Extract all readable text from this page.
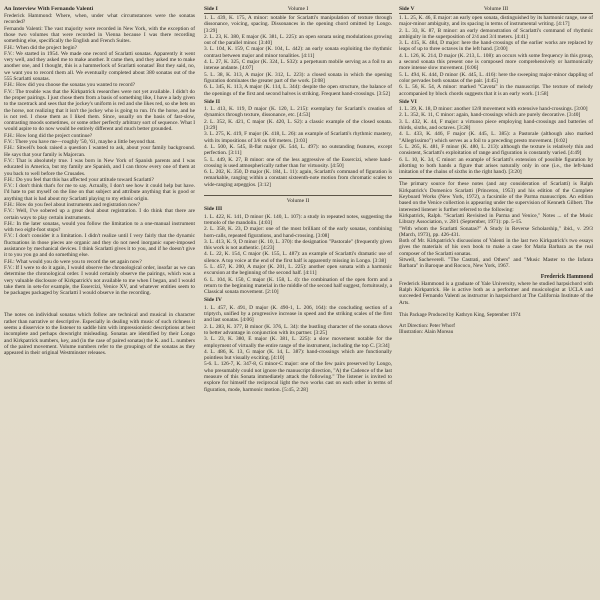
An Interview With Fernando Valenti

Frederick Hammond: Where, when, under what circumstances were the sonatas recorded?

Fernando Valenti: The vast majority were recorded in New York, with the exception of those two volumes that were recorded in Vienna because I was there recording something else, specifically the English and French Suites.

F.H.: When did the project begin?

F.V.: We started in 1954. We made one record of Scarlatti sonatas. Apparently it went very well, and they asked me to make another. It came then, and they asked me to make another one, and I thought, this is a hammerlock of Scarlatti sonatas! But they said, no, we want you to record them all. We eventually completed about 380 sonatas out of the 555 Scarlatti sonatas.

F.H.: How did you choose the sonatas you wanted to record?

F.V.: The trouble was that the Kirkpatrick researches were not yet available. I didn't do the proper pairings. I just chose them from a basis of something like, I have a lady given to the racetrack and sees that the jockey's uniform is red and she likes red, so she bets on the horse, not realizing that it isn't the jockey who is going to run. It's the horse, and he is not red. I chose them as I liked them. Since, usually on the basis of fast-slow, contrasting moods sometimes, or some other perfectly arbitrary sort of sequence. What I would aspire to do now would be entirely different and much better grounded.

F.H.: How long did the project continue?

F.V.: There you have me—roughly '50, '61, maybe a little beyond that.

F.H.: Sitwell's book raised a question I wanted to ask, about your family background. He says that your family is Majorcan.

F.V.: That is absolutely true. I was born in New York of Spanish parents and I was educated in America, but my family are Spanish, and I can throw every one of them at you back to well before the Crusades.

F.H.: Do you feel that this has affected your attitude toward Scarlatti?

F.V.: I don't think that's for me to say. Actually, I don't see how it could help but have. I'd hate to put myself on the line on that subject and attribute anything that is good or anything that is bad about my Scarlatti playing to my ethnic origin.

F.H.: How do you feel about instruments and registration now?

F.V.: Well, I've sobered up a great deal about registration. I do think that there are certain ways to play certain instruments.

F.H.: In the later sonatas, would you follow the limitation to a one-manual instrument with two eight-foot stops?

F.V.: I don't consider it a limitation. I didn't realize until I very fairly that the dynamic fluctuations in those pieces are organic and they do not need inorganic super-imposed assistance by mechanical devices. I think Scarlatti gives it to you, and if he doesn't give it to you you go and do something else.

F.H.: What would you do were you to record the set again now?

F.V.: If I were to do it again, I would observe the chronological order, insofar as we can determine the chronological order. I would certainly observe the pairings, which was a very valuable disclosure of Kirkpatrick's not available to me when I began, and I would take them in sets-for example, the Essercizi, Venice XV, and whatever entities seem to be packages packaged by Scarlatti I would observe in the recording.

The notes on individual sonatas which follow are technical and musical in character rather than narrative or descriptive. Especially in dealing with music of such richness it seems a disservice to the listener to saddle him with impressionistic descriptions at best incomplete and perhaps downright misleading. Sonatas are identified by their Longo and Kirkpatrick numbers, key, and (in the case of paired sonatas) the K. and L. numbers of the paired movement. Volume numbers refer to the groupings of the sonatas as they appeared in their original Westminster releases.

Side I	Volume I

1. L. 439, K. 175, A minor: notable for Scarlatti's manipulation of texture through dissonance, voicing, spacing. Dissonances in the opening chord omitted by Longo. [3:29]

2. L. 23, K. 380, E major (K. 381, L. 225): an open sonata using modulations growing out of the parallel minor. [3:40]

3. L. 104, K. 159, C major (K. 104, L. 442): an early sonata exploiting the rhythmic contrast between major and minor tonalities. [4:11]

4. L. 27, K. 325, C major (K. 324, L. S32): a perpetuum mobile serving as a foil to an intense andante. [4:07]

5. L. 38, K. 313, A major (K. 312, L. 223): a closed sonata in which the opening figuration dominates the greater part of the work. [3:08]

6. L. 345, K. 113, A major (K. 114, L. 344): despite the open structure, the balance of the openings of the first and second halves is striking. Frequent hand-crossings. [3:52]

Side II

1. L. 413, K. 119, D major (K. 120, L. 215): exemplary for Scarlatti's creation of dynamics through texture, dissonance, etc. [4:53]

2. L. 352, K. 421, C major (K. 420, L. S2): a classic example of the closed sonata. [3:29]

3. L. 275, K. 419, F major (K. 418, L. 26): an example of Scarlatti's rhythmic mastery, with its impositions of 3/8 on 6/8 meters. [3:03]

4. L. 500, K. 545, B-flat major (K. 544, L. 497): no outstanding features, except perfection. [3:11]

5. L. 449, K. 27, B minor: one of the less aggressive of the Essercizi, where hand-crossing is used atmospherically rather than for virtuosity. [4:50]

6. L. 202, K. 350, D major (K. 184, L. 11): again, Scarlatti's command of figuration is remarkable, ranging within a constant sixteenth-note motion from chromatic scales to wide-ranging arpeggios. [3:12]

Volume II
Side III

1. L. 422, K. 141, D minor (K. 140, L. 107): a study in repeated notes, suggesting the tremolo of the mandolin. [4:03]

2. L. 358, K. 23, D major: one of the most brilliant of the early sonatas, combining horn-calls, repeated figurations, and hand-crossing. [3:08]

3. L. 413, K. 9, D minor (K. 10, L. 370): the designation "Pastorale" (frequently given this work is not authentic. [4:23]

4. L. 22, K. 154, C major (K. 155, L. 487): an example of Scarlatti's dramatic use of silence. A top voice at the end of the first half is apparently missing in Longo. [3:38]

5. L. 457, K. 200, A major (K. 201, L. 225): another open sonata with a harmonic excursion at the beginning of the second half. [4:11]

6. L. 104, K. 150, C major (K. 158, L. 4): the combination of the open form and a return to the beginning material in the middle of the second half suggest, fortuitously, a Classical sonata movement. [2:10]

Side IV

1. L. 457, K. 491, D major (K. 490-1, L. 206, 164): the concluding section of a triptych, unified by a progressive increase in speed and the striking scales of the first and last sonatas. [4:06]

2. L. 283, K. 377, B minor (K. 376, L. 34): the bustling character of the sonata shows to better advantage in conjunction with its partner. [3:25]

3. L. 23, K. 380, E major (K. 381, L. 225): a slow movement notable for the employment of virtually the entire range of the instrument, including the top C. [3:34]

4. L. 486, K. 13, G major (K. 14, L. 387): hand-crossings which are functionally pointless but visually exciting. [4:10]

5-6. L. 126-7, K. 347-8, G minor-C major: one of the few pairs preserved by Longo, who presumably could not ignore the manuscript direction, "A) the Cadence of the last measure of this Sonata immediately attack the following." The listener is invited to explore for himself the reciprocal light the two works cast on each other in terms of figuration, mode, harmonic motion. [5:45, 2:28]

Side V	Volume III

1. L. 25, K. 46, E major: an early open sonata, distinguished by its harmonic range, use of major-minor ambiguity, and its spacing in terms of instrumental writing. [4:17]

2. L. 33, K. 87, B minor: an early demonstration of Scarlatti's command of rhythmic ambiguity in the superposition of 2/4 and 3/4 meters. [4:41]

3. L. 415, K. 484, D major: here the hand-crossings of the earlier works are replaced by leaps of up to three octaves in the left hand. [3:00]

4. L. 126, K. 214, D major (K. 213, L. 108): an occurs with some frequency in this group, a second sonata this present one is composed more comprehensively or harmonically more intense slow movement. [6:06]

5. L. 494, K. 444, D minor (K. 445, L. 416): here the sweeping major-minor dappling of color pervades both sonatas of the pair. [4:45]

6. L. 56, K. 54, A minor: marked "Cavota" in the manuscript. The texture of melody accompanied by block chords suggests that it is an early work. [1:58]

Side VI

1. L. 39, K. 18, D minor: another 12/8 movement with extensive hand-crossings. [3:00]

2. L. 352, K. 11, C minor: again, hand-crossings which are purely decorative. [3:40]

3. L. 432, K. 44, F major: a virtuoso piece employing hand-crossings and batteries of thirds, sixths, and octaves. [3:28]

4. L. 433, K. 446, F major (K. 445, L. 385): a Pastorale (although also marked "Allegrissimo") which serves as a foil to a preceding presto movement. [6:02]

5. L. 265, K. 481, F minor (K. 480, L. 213): although the texture is relatively thin and consistent, Scarlatti's exploitation of range and figuration is constantly varied. [4:49]

6. L. 10, K. 34, C minor: an example of Scarlatti's extension of possible figuration by allotting to both hands a figure that arises naturally only in one (i.e., the left-hand imitation of the chains of sixths in the right hand). [3:20]

The primary source for these notes (and any consideration of Scarlatti) is Ralph Kirkpatrick's Domenico Scarlatti (Princeton, 1953) and his edition of the Complete Keyboard Works (New York, 1972), a facsimile of the Parma manuscripts. An edition based on the Venice collection is appearing under the supervision of Kenneth Gilbert. The interested listener is further referred to the following:

Kirkpatrick, Ralph. "Scarlatti Revisited in Parma and Venice," Notes ... of the Music Library Association, v. 28/1 (September, 1971): pp. 5-15.

"With whom the Scarlatti Sonatas?" A Study in Reverse Scholarship," ibid., v. 29/3 (March, 1973), pp. 426-431.

Both of Mr. Kirkpatrick's discussions of Valenti in the last two Kirkpatrick's two essays gives the materials of his own book to make a case for Maria Barbara as the real composer of the Scarlatti sonatas.

Sitwell, Sacheverell. "The Castrati, and Others" and "Music Master to the Infanta Barbara" in Baroque and Rococo, New York, 1967.

Frederick Hammond
Frederick Hammond is a graduate of Yale University, where he studied harpsichord with Ralph Kirkpatrick. He is active both as a performer and musicologist at UCLA and succeeded Fernando Valenti as instructor in harpsichord at The California Institute of the Arts.
This Package Produced by Kathryn King, September 1974
Art Direction: Peter Whorf
Illustration: Alain Moreau
